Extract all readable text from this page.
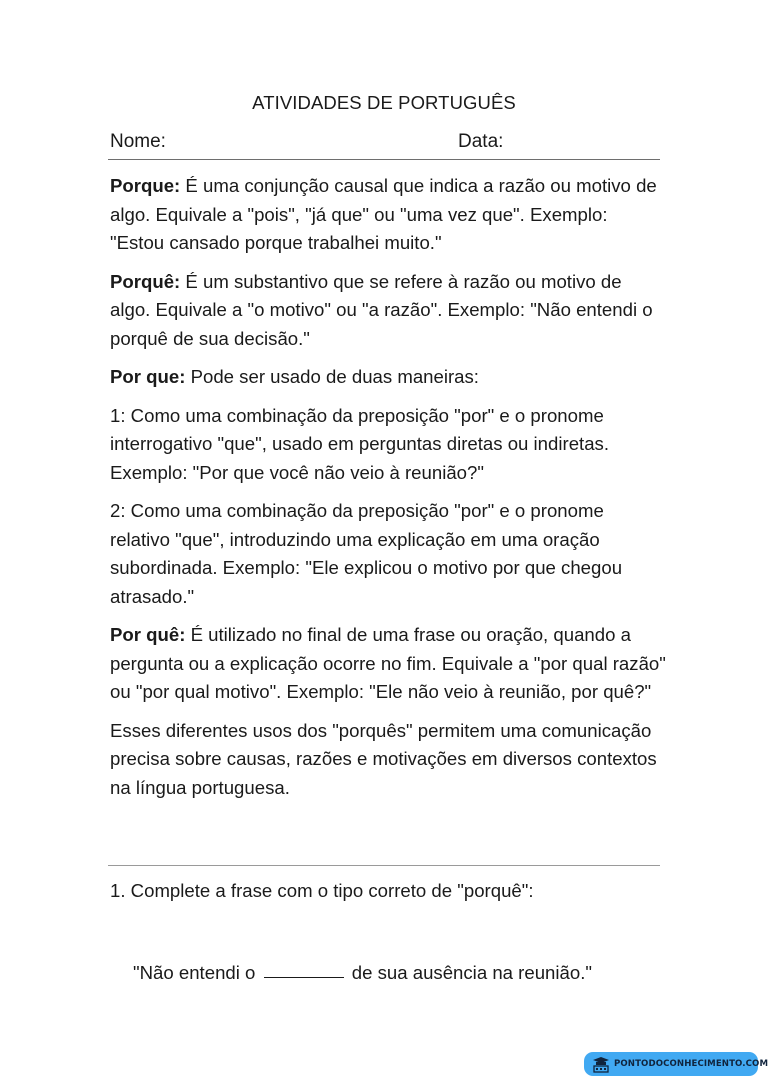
ATIVIDADES DE PORTUGUÊS
Nome:	Data:

Porque: É uma conjunção causal que indica a razão ou motivo de algo. Equivale a "pois", "já que" ou "uma vez que". Exemplo: "Estou cansado porque trabalhei muito."

Porquê: É um substantivo que se refere à razão ou motivo de algo. Equivale a "o motivo" ou "a razão". Exemplo: "Não entendi o porquê de sua decisão."

Por que: Pode ser usado de duas maneiras:

1: Como uma combinação da preposição "por" e o pronome interrogativo "que", usado em perguntas diretas ou indiretas. Exemplo: "Por que você não veio à reunião?"

2: Como uma combinação da preposição "por" e o pronome relativo "que", introduzindo uma explicação em uma oração subordinada. Exemplo: "Ele explicou o motivo por que chegou atrasado."

Por quê: É utilizado no final de uma frase ou oração, quando a pergunta ou a explicação ocorre no fim. Equivale a "por qual razão" ou "por qual motivo". Exemplo: "Ele não veio à reunião, por quê?"

Esses diferentes usos dos "porquês" permitem uma comunicação precisa sobre causas, razões e motivações em diversos contextos na língua portuguesa.

1. Complete a frase com o tipo correto de "porquê":
"Não entendi o	de sua ausência na reunião."
PONTODOCONHECIMENTO.COM
